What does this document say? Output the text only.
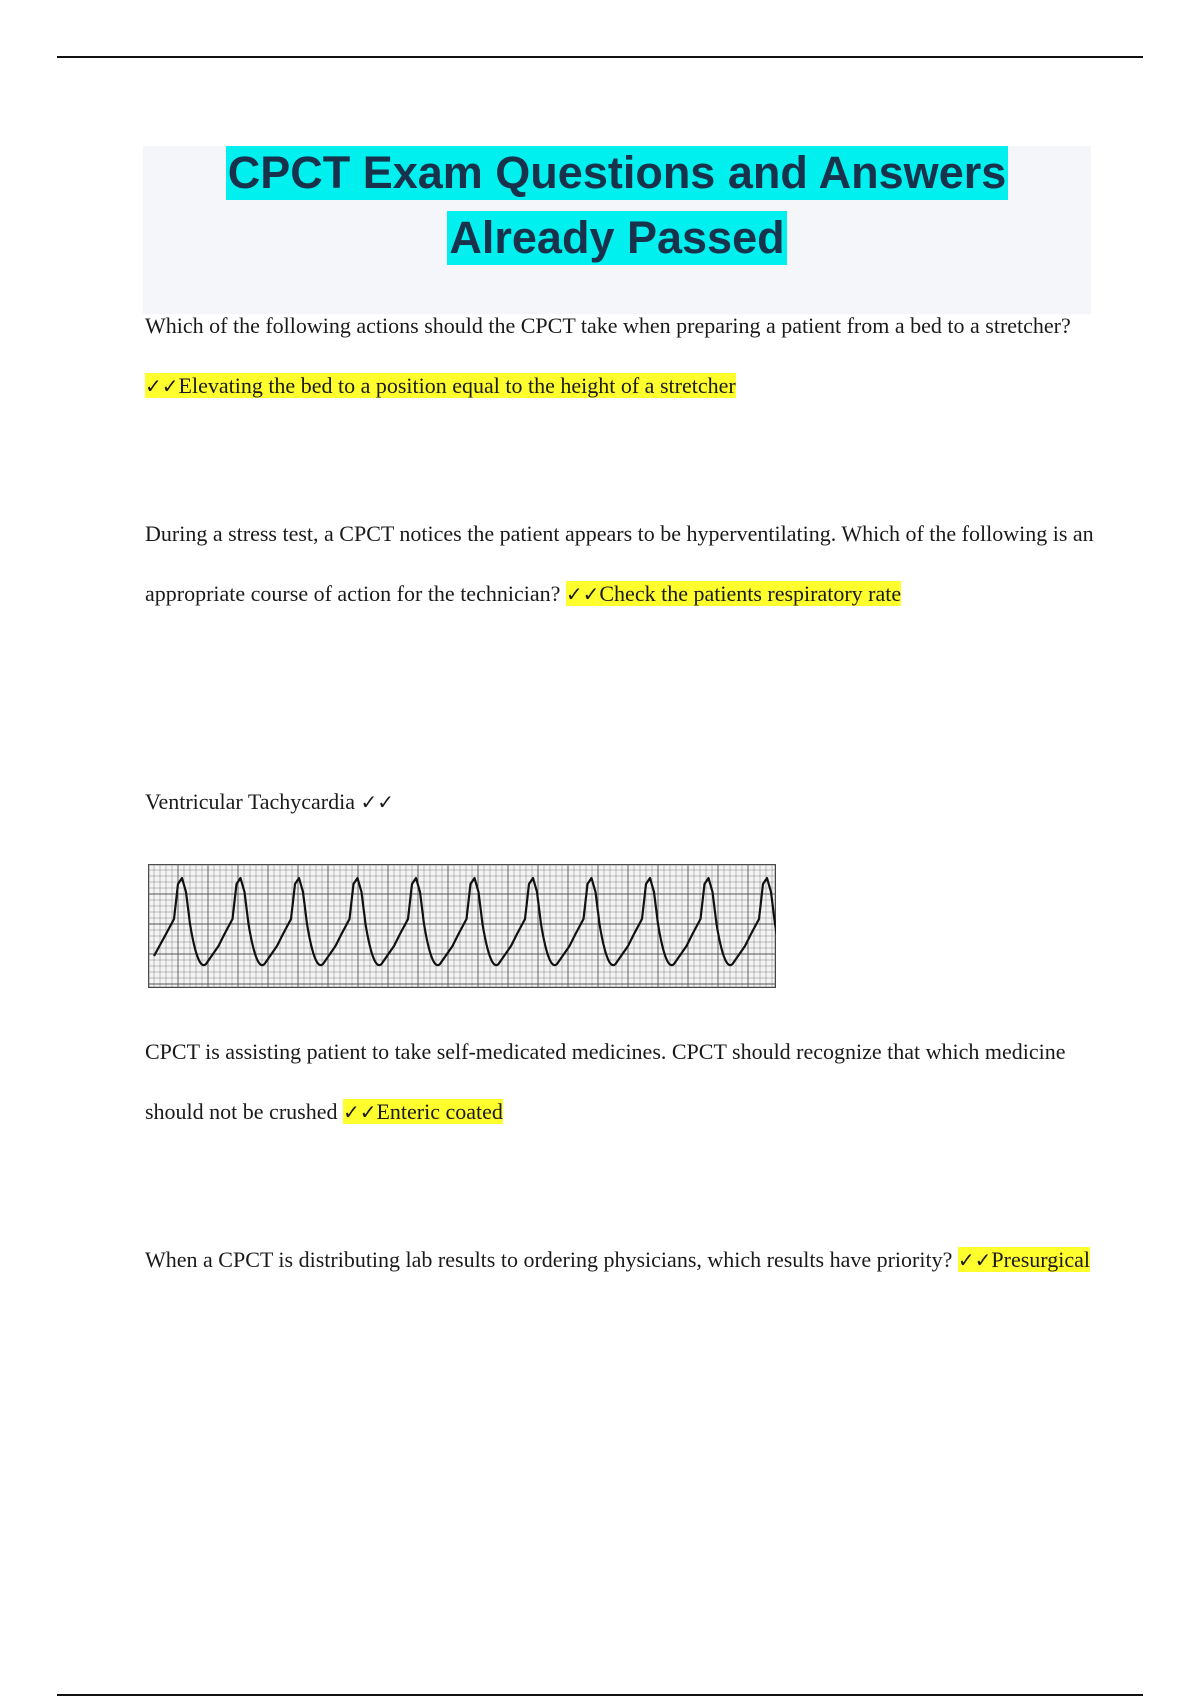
CPCT Exam Questions and Answers
Already Passed

Which of the following actions should the CPCT take when preparing a patient from a bed to a stretcher? ✓✓Elevating the bed to a position equal to the height of a stretcher

During a stress test, a CPCT notices the patient appears to be hyperventilating. Which of the following is an appropriate course of action for the technician? ✓✓Check the patients respiratory rate

Ventricular Tachycardia ✓✓

CPCT is assisting patient to take self-medicated medicines. CPCT should recognize that which medicine should not be crushed ✓✓Enteric coated

When a CPCT is distributing lab results to ordering physicians, which results have priority? ✓✓Presurgical
